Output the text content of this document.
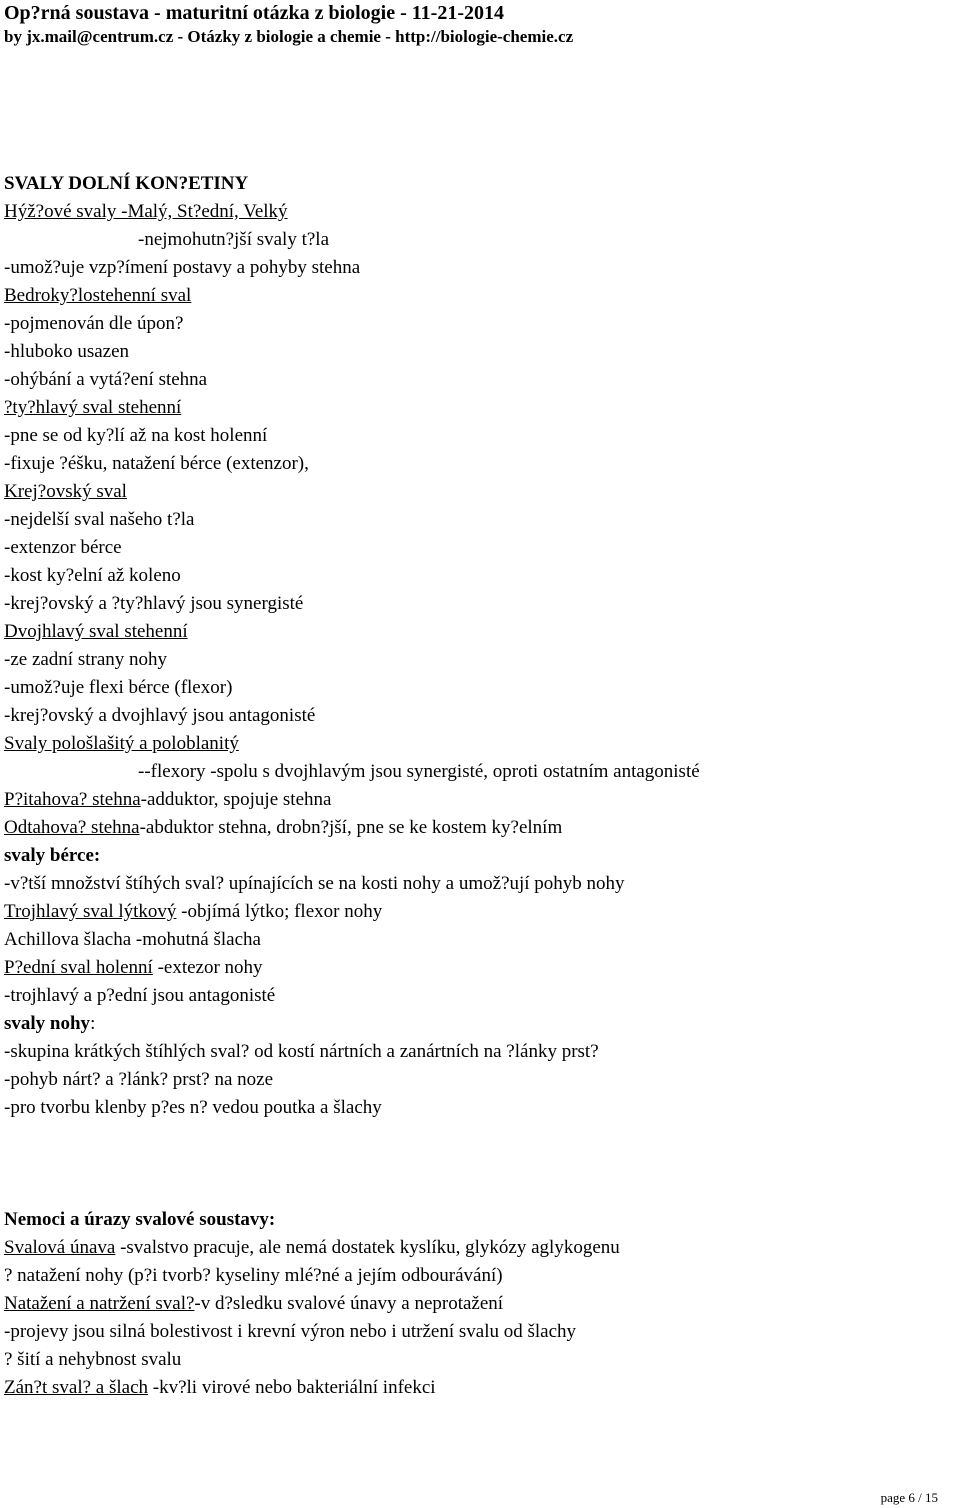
Op?rná soustava - maturitní otázka z biologie - 11-21-2014
by jx.mail@centrum.cz - Otázky z biologie a chemie - http://biologie-chemie.cz
SVALY DOLNÍ KON?ETINY
Hýž?ové svaly -Malý, St?ední, Velký
-nejmohutn?jší svaly t?la
-umož?uje vzp?ímení postavy a pohyby stehna
Bedroky?lostehenní sval
-pojmenován dle úpon?
-hluboko usazen
-ohýbání a vytá?ení stehna
?ty?hlavý sval stehenní
-pne se od ky?lí až na kost holenní
-fixuje ?éšku, natažení bérce (extenzor),
Krej?ovský sval
-nejdelší sval našeho t?la
-extenzor bérce
-kost ky?elní až koleno
-krej?ovský a ?ty?hlavý jsou synergisté
Dvojhlavý sval stehenní
-ze zadní strany nohy
-umož?uje flexi bérce (flexor)
-krej?ovský a dvojhlavý jsou antagonisté
Svaly pološlašitý a poloblanitý
--flexory -spolu s dvojhlavým jsou synergisté, oproti ostatním antagonisté
P?itahova? stehna-adduktor, spojuje stehna
Odtahova? stehna-abduktor stehna, drobn?jší, pne se ke kostem ky?elním
svaly bérce:
-v?tší množství štíhých sval? upínajících se na kosti nohy a umož?ují pohyb nohy
Trojhlavý sval lýtkový -objímá lýtko; flexor nohy
Achillova šlacha -mohutná šlacha
P?ední sval holenní -extezor nohy
-trojhlavý a p?ední jsou antagonisté
svaly nohy:
-skupina krátkých štíhlých sval? od kostí nártních a zanártních na ?lánky prst?
-pohyb nárt? a ?lánk? prst? na noze
-pro tvorbu klenby p?es n? vedou poutka a šlachy
Nemoci a úrazy svalové soustavy:
Svalová únava -svalstvo pracuje, ale nemá dostatek kyslíku, glykózy aglykogenu
? natažení nohy (p?i tvorb? kyseliny mlé?né a jejím odbourávání)
Natažení a natržení sval?-v d?sledku svalové únavy a neprotažení
-projevy jsou silná bolestivost i krevní výron nebo i utržení svalu od šlachy
? šití a nehybnost svalu
Zán?t sval? a šlach -kv?li virové nebo bakteriální infekci
page 6 / 15
